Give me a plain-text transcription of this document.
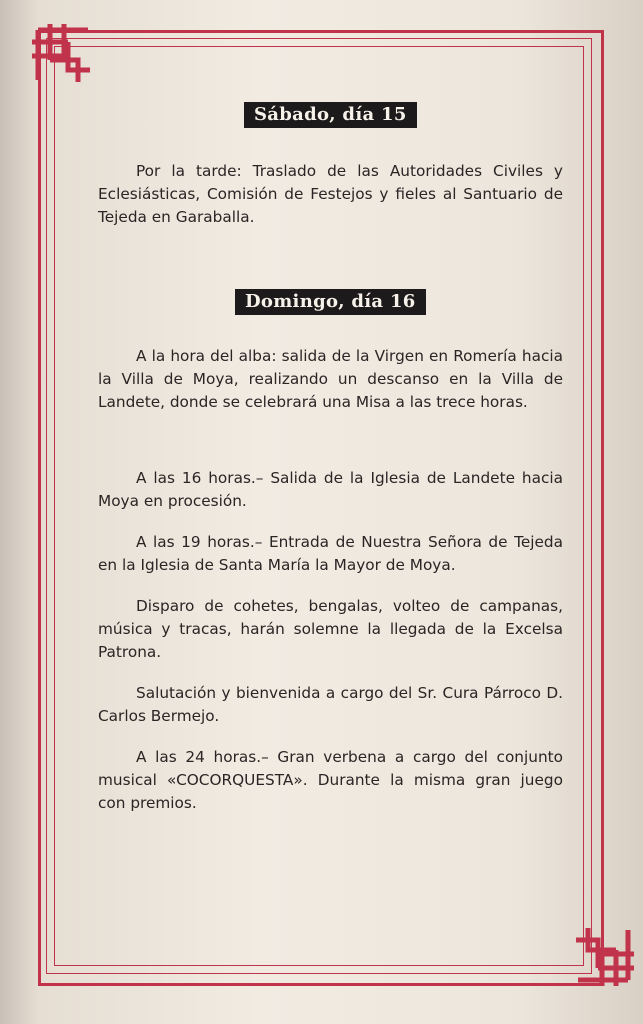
Sábado, día 15

Por la tarde: Traslado de las Autoridades Civiles y Eclesiásticas, Comisión de Festejos y fieles al Santuario de Tejeda en Garaballa.

Domingo, día 16

A la hora del alba: salida de la Virgen en Romería hacia la Villa de Moya, realizando un descanso en la Villa de Landete, donde se celebrará una Misa a las trece horas.

A las 16 horas.– Salida de la Iglesia de Landete hacia Moya en procesión.

A las 19 horas.– Entrada de Nuestra Señora de Tejeda en la Iglesia de Santa María la Mayor de Moya.

Disparo de cohetes, bengalas, volteo de campanas, música y tracas, harán solemne la llegada de la Excelsa Patrona.

Salutación y bienvenida a cargo del Sr. Cura Párroco D. Carlos Bermejo.

A las 24 horas.– Gran verbena a cargo del conjunto musical «COCORQUESTA». Durante la misma gran juego con premios.
